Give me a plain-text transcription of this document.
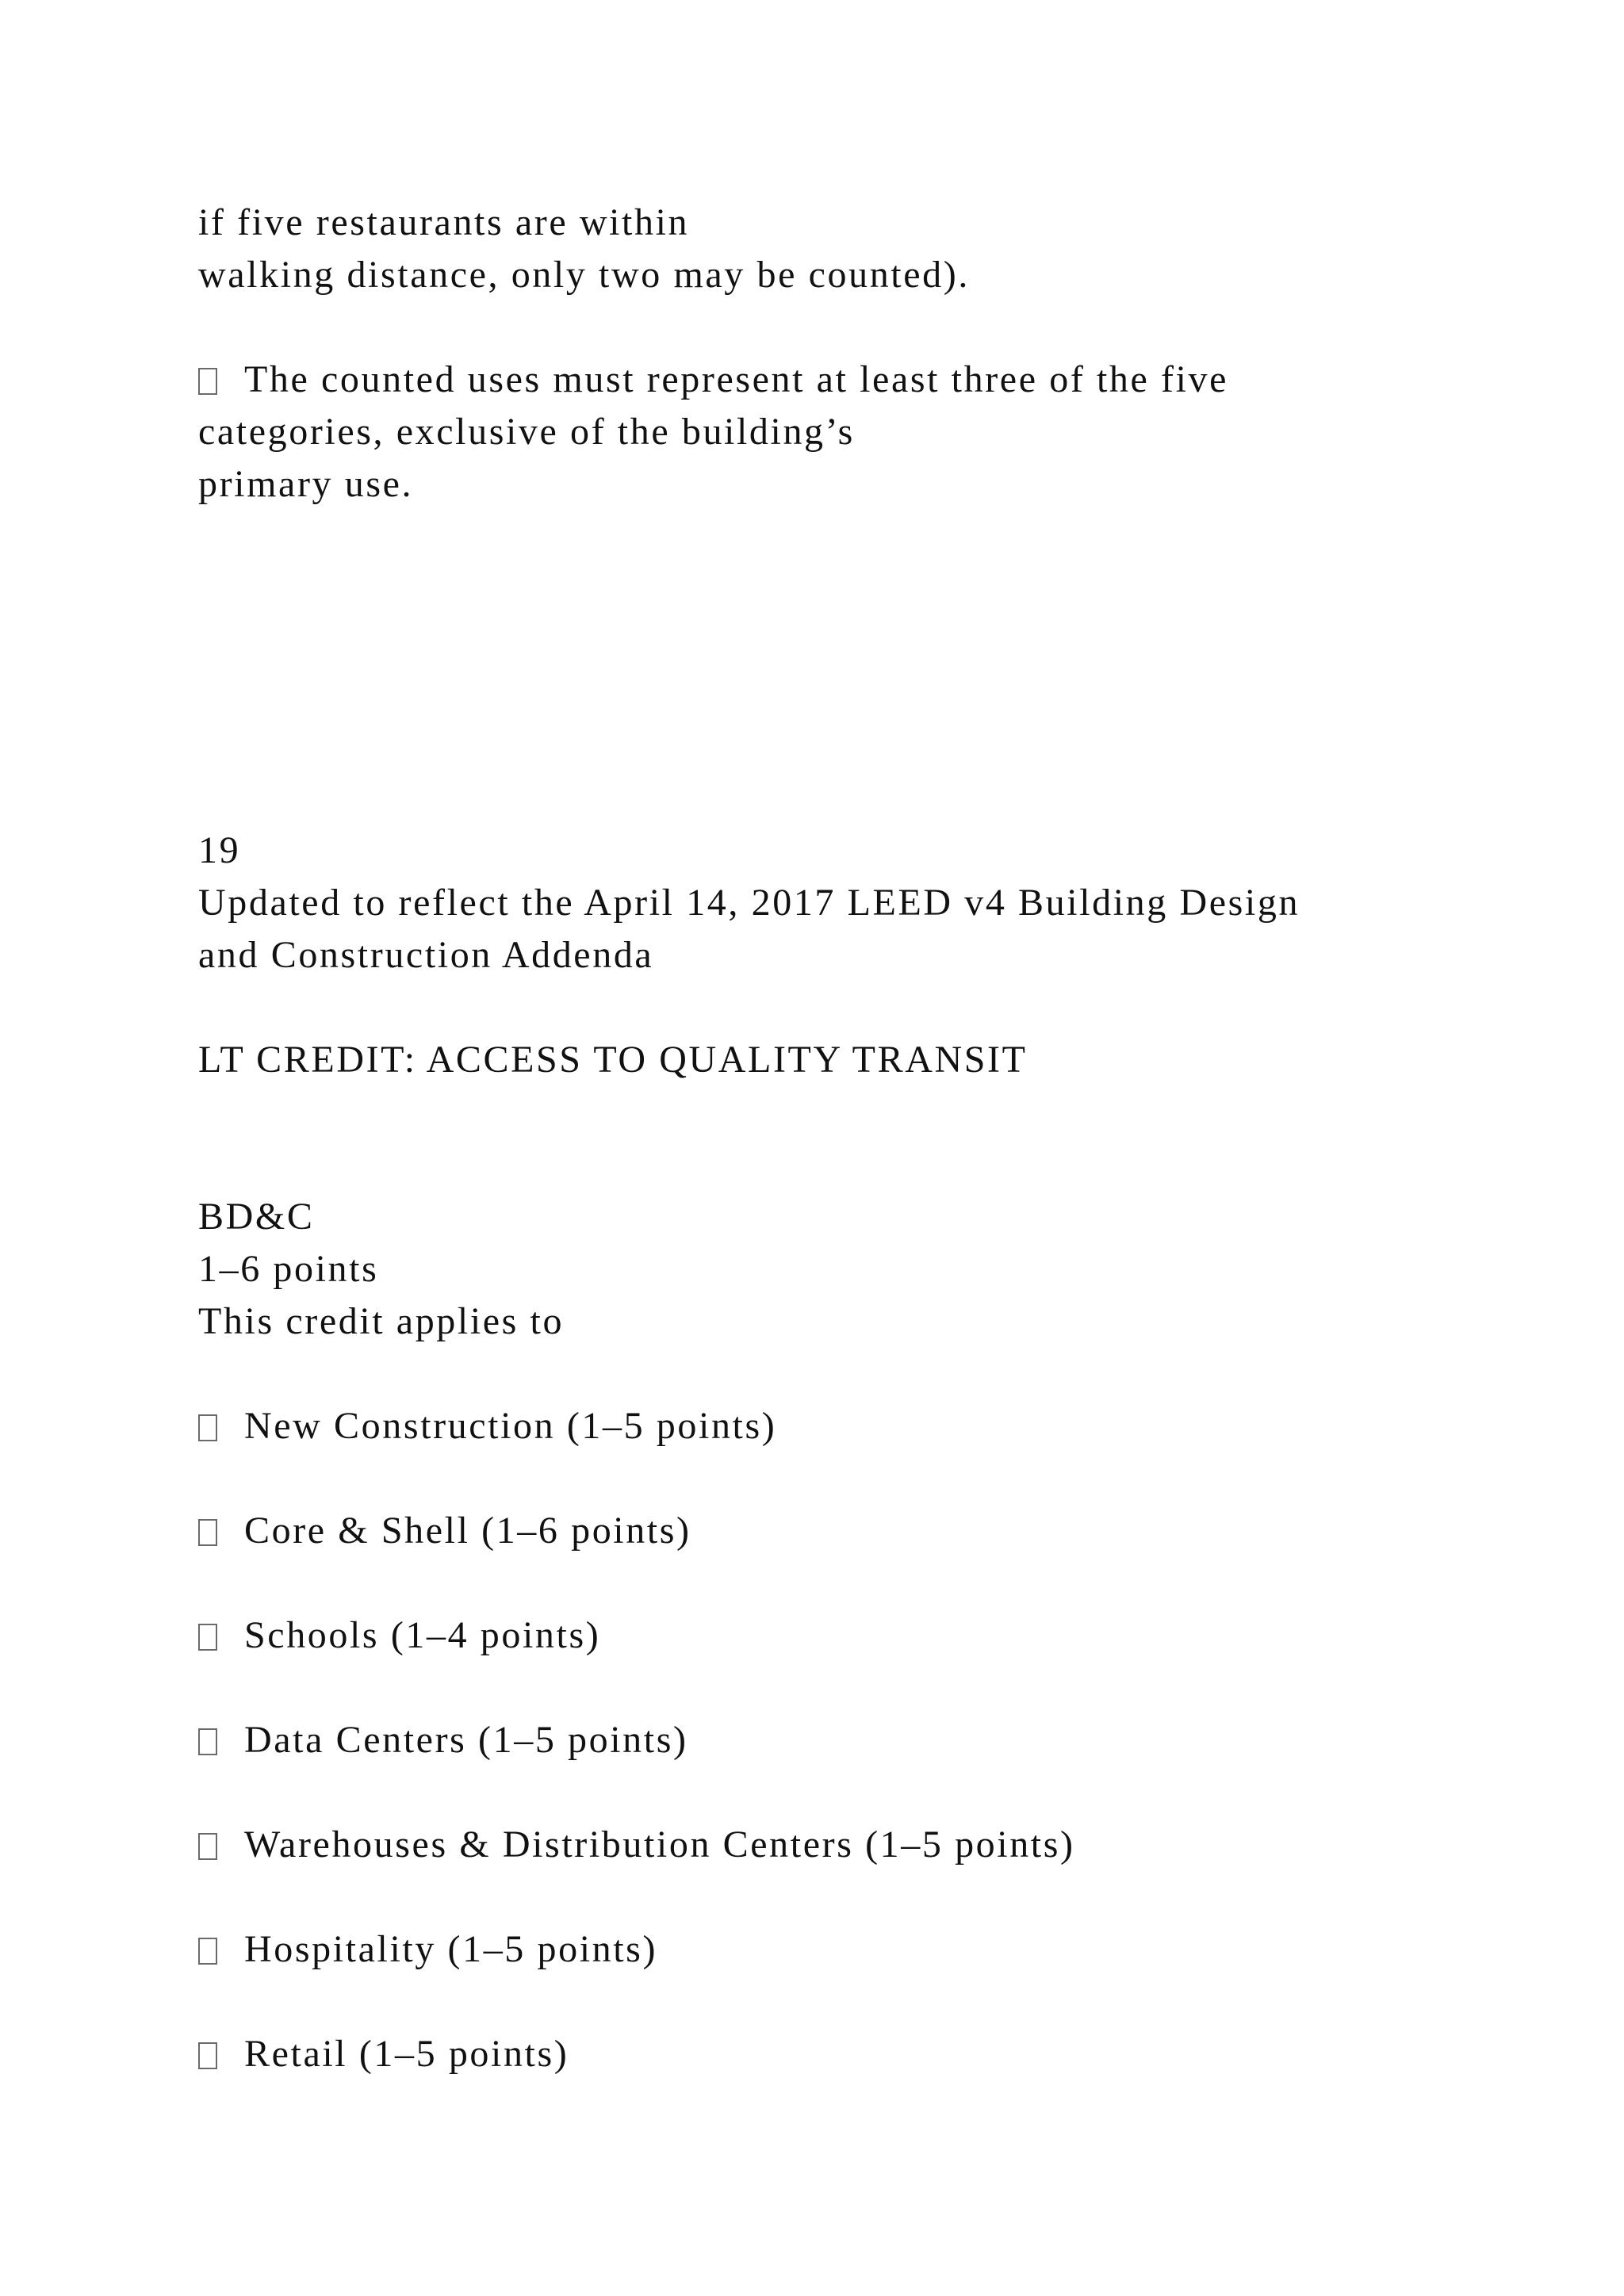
if five restaurants are within
walking distance, only two may be counted).
The counted uses must represent at least three of the five
categories, exclusive of the building’s
primary use.
19
Updated to reflect the April 14, 2017 LEED v4 Building Design
and Construction Addenda
LT CREDIT: ACCESS TO QUALITY TRANSIT
BD&C
1–6 points
This credit applies to
New Construction (1–5 points)
Core & Shell (1–6 points)
Schools (1–4 points)
Data Centers (1–5 points)
Warehouses & Distribution Centers (1–5 points)
Hospitality (1–5 points)
Retail (1–5 points)
